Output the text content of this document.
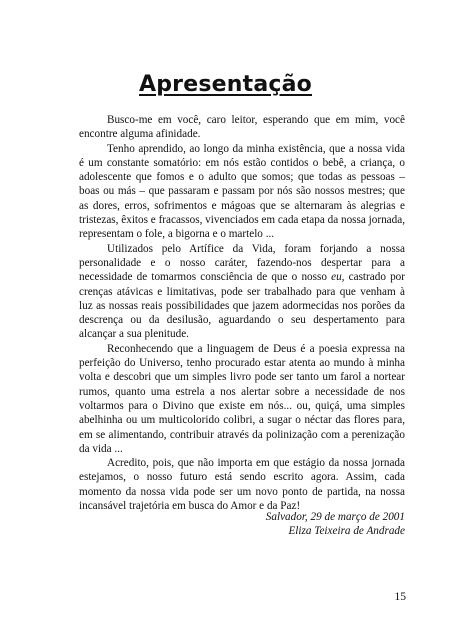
Apresentação

Busco-me em você, caro leitor, esperando que em mim, você encontre alguma afinidade.

Tenho aprendido, ao longo da minha existência, que a nossa vida é um constante somatório: em nós estão contidos o bebê, a criança, o adolescente que fomos e o adulto que somos; que todas as pessoas – boas ou más – que passaram e passam por nós são nossos mestres; que as dores, erros, sofrimentos e mágoas que se alternaram às alegrias e tristezas, êxitos e fracassos, vivenciados em cada etapa da nossa jornada, representam o fole, a bigorna e o martelo ...

Utilizados pelo Artífice da Vida, foram forjando a nossa personalidade e o nosso caráter, fazendo-nos despertar para a necessidade de tomarmos consciência de que o nosso eu, castrado por crenças atávicas e limitativas, pode ser trabalhado para que venham à luz as nossas reais possibilidades que jazem adormecidas nos porões da descrença ou da desilusão, aguardando o seu despertamento para alcançar a sua plenitude.

Reconhecendo que a linguagem de Deus é a poesia expressa na perfeição do Universo, tenho procurado estar atenta ao mundo à minha volta e descobri que um simples livro pode ser tanto um farol a nortear rumos, quanto uma estrela a nos alertar sobre a necessidade de nos voltarmos para o Divino que existe em nós... ou, quiçá, uma simples abelhinha ou um multicolorido colibri, a sugar o néctar das flores para, em se alimentando, contribuir através da polinização com a perenização da vida ...

Acredito, pois, que não importa em que estágio da nossa jornada estejamos, o nosso futuro está sendo escrito agora. Assim, cada momento da nossa vida pode ser um novo ponto de partida, na nossa incansável trajetória em busca do Amor e da Paz!

Salvador, 29 de março de 2001
Eliza Teixeira de Andrade
15
